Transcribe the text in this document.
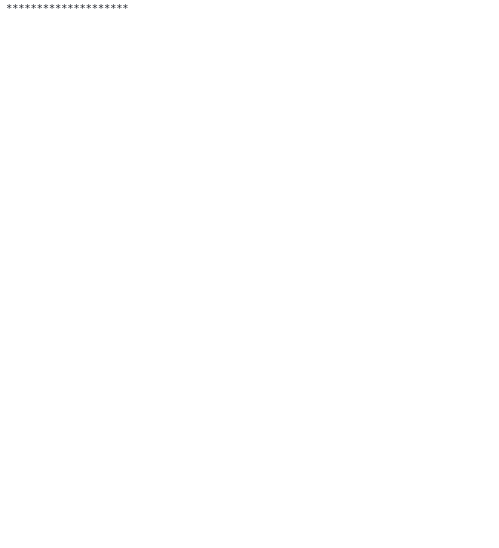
********************
